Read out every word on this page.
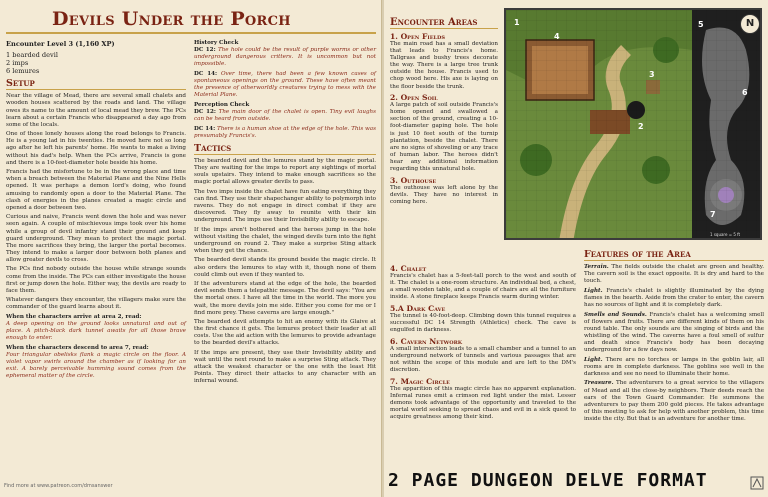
Devils Under the Porch

Encounter Level 3 (1,160 XP)

1 bearded devil

2 imps

6 lemures

Setup

Near the village of Mead, there are several small chalets and wooden houses scattered by the roads and land. The village owes its name to the amount of local mead they brew. The PCs learn about a certain Francis who disappeared a day ago from some of the locals.

One of those lonely houses along the road belongs to Francis. He is a young lad in his twenties. He moved here not so long ago after he left his parents' home. He wants to make a living without his dad's help. When the PCs arrive, Francis is gone and there is a 10-feet-diameter hole beside his home.

Francis had the misfortune to be in the wrong place and time when a breach between the Material Plane and the Nine Hells opened. It was perhaps a demon lord's doing, who found amusing to randomly open a door to the Material Plane. The clash of energies in the planes created a magic circle and opened a door between two.

Curious and naive, Francis went down the hole and was never seen again. A couple of mischievous imps took over his home while a group of devil infantry stand their ground and keep guard underground. They mean to protect the magic portal. The more sacrifices they bring, the larger the portal becomes. They intend to make a larger door between both planes and allow greater devils to cross.

The PCs find nobody outside the house while strange sounds come from the inside. The PCs can either investigate the house first or jump down the hole. Either way, the devils are ready to face them.

Whatever dangers they encounter, the villagers make sure the commander of the guard learns about it.

When the characters arrive at area 2, read:

A deep opening on the ground looks unnatural and out of place. A pitch-black dark tunnel awaits for all those brave enough to enter.

When the characters descend to area 7, read:

Four triangular obelisks flank a magic circle on the floor. A violet vapor swirls around the chamber as if looking for an exit. A barely perceivable humming sound comes from the ephemeral matter of the circle.

History Check

DC 12: The hole could be the result of purple worms or other underground dangerous critters. It is uncommon but not impossible.

DC 14: Over time, there had been a few known cases of spontaneous openings on the ground. These have often meant the presence of otherworldly creatures trying to mess with the Material Plane.

Perception Check

DC 12: The main door of the chalet is open. Tiny evil laughs can be heard from outside.

DC 14: There is a human shoe at the edge of the hole. This was presumably Francis's.

Tactics

The bearded devil and the lemures stand by the magic portal. They are waiting for the imps to report any sightings of mortal souls upstairs. They intend to make enough sacrifices so the magic portal allows greater devils to pass.

The two imps inside the chalet have fun eating everything they can find. They use their shapechanger ability to polymorph into ravens. They do not engage in direct combat if they are discovered. They fly away to reunite with their kin underground. The imps use their Invisibility ability to escape.

If the imps aren't bothered and the heroes jump in the hole without visiting the chalet, the winged devils turn into the fight underground on round 2. They make a surprise Sting attack when they get the chance.

The bearded devil stands its ground beside the magic circle. It also orders the lemures to stay with it, though none of them could climb out even if they wanted to.

If the adventurers stand at the edge of the hole, the bearded devil sends them a telepathic message. The devil says: "You are the mortal ones. I have all the time in the world. The more you wait, the more devils join me side. Either you come for me or I find more prey. These caverns are large enough."

The bearded devil attempts to hit an enemy with its Glaive at the first chance it gets. The lemures protect their leader at all costs. Use the aid action with the lemures to provide advantage to the bearded devil's attacks.

If the imps are present, they use their Invisibility ability and wait until the next round to make a surprise Sting attack. They attack the weakest character or the one with the least Hit Points. They direct their attacks to any character with an infernal wound.

Find more at www.patreon.com/dmsanswer
Encounter Areas
1. Open Fields

The main road has a small deviation that leads to Francis's home. Tallgrass and bushy trees decorate the way. There is a large tree trunk outside the house. Francis used to chop wood here. His axe is laying on the floor beside the trunk.

2. Open Soil

A large patch of soil outside Francis's home opened and swallowed a section of the ground, creating a 10-foot-diameter gaping hole. The hole is just 10 feet south of the turnip plantation, beside the chalet. There are no signs of shoveling or any trace of human labor. The heroes didn't hear any additional information regarding this unnatural hole.

3. Outhouse

The outhouse was left alone by the devils. They have no interest in coming here.

4. Chalet

Francis's chalet has a 5-feet-tall porch to the west and south of it. The chalet is a one-room structure. An individual bed, a chest, a small wooden table, and a couple of chairs are all the furniture inside. A stone fireplace keeps Francis warm during winter.

5.A Dark Cave

The tunnel is 40-foot-deep. Climbing down this tunnel requires a successful DC 14 Strength (Athletics) check. The cave is engulfed in darkness.

6. Cavern Network

A small intersection leads to a small chamber and a tunnel to an underground network of tunnels and various passages that are not within the scope of this module and are left to the DM's discretion.

7. Magic Circle

The apparition of this magic circle has no apparent explanation. Infernal runes emit a crimson red light under the mist. Lesser demons took advantage of the opportunity and traveled to the mortal world seeking to spread chaos and evil in a sick quest to acquire greatness among their kind.

Features of the Area

Terrain. The fields outside the chalet are green and healthy. The cavern soil is the exact opposite. It is dry and hard to the touch.

Light. Francis's chalet is slightly illuminated by the dying flames in the hearth. Aside from the crater to enter, the cavern has no sources of light and it is completely dark.

Smells and Sounds. Francis's chalet has a welcoming smell of flowers and fruits. There are different kinds of them on his round table. The only sounds are the singing of birds and the whistling of the wind. The caverns have a foul smell of sulfur and death since Francis's body has been decaying underground for a few days now.

Light. There are no torches or lamps in the goblin lair, all rooms are in complete darkness. The goblins see well in the darkness and see no need to illuminate their home.

Treasure. The adventurers to a great service to the villagers of Mead and all the close-by neighbors. Their deeds reach the ears of the Town Guard Commander. He summons the adventurers to pay them 200 gold pieces. He takes advantage of this meeting to ask for help with another problem, this time inside the city. But that is an adventure for another time.

N
1
2
3
4
5
6
7
1 square = 5 ft
2 PAGE DUNGEON DELVE FORMAT
